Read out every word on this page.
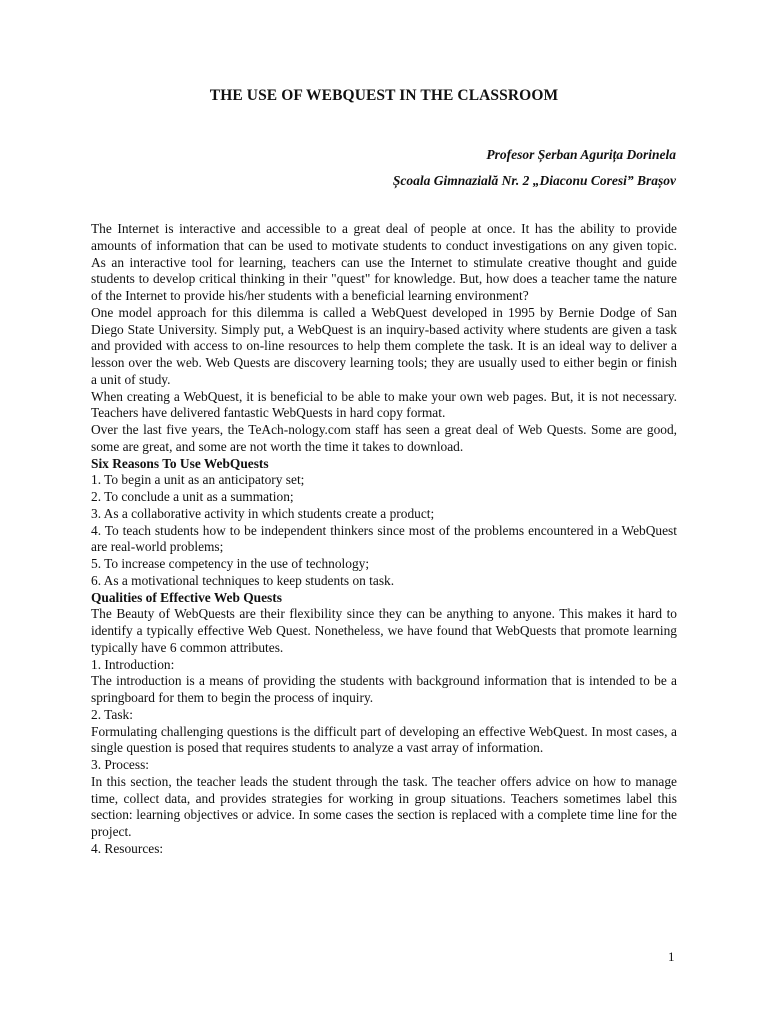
THE USE OF WEBQUEST IN THE CLASSROOM
Profesor Șerban Agurița Dorinela
Școala Gimnazială Nr. 2 „Diaconu Coresi” Brașov

The Internet is interactive and accessible to a great deal of people at once. It has the ability to provide amounts of information that can be used to motivate students to conduct investigations on any given topic. As an interactive tool for learning, teachers can use the Internet to stimulate creative thought and guide students to develop critical thinking in their "quest" for knowledge. But, how does a teacher tame the nature of the Internet to provide his/her students with a beneficial learning environment?

One model approach for this dilemma is called a WebQuest developed in 1995 by Bernie Dodge of San Diego State University. Simply put, a WebQuest is an inquiry-based activity where students are given a task and provided with access to on-line resources to help them complete the task. It is an ideal way to deliver a lesson over the web. Web Quests are discovery learning tools; they are usually used to either begin or finish a unit of study.

When creating a WebQuest, it is beneficial to be able to make your own web pages. But, it is not necessary. Teachers have delivered fantastic WebQuests in hard copy format.

Over the last five years, the TeAch-nology.com staff has seen a great deal of Web Quests. Some are good, some are great, and some are not worth the time it takes to download.

Six Reasons To Use WebQuests

1. To begin a unit as an anticipatory set;

2. To conclude a unit as a summation;

3. As a collaborative activity in which students create a product;

4. To teach students how to be independent thinkers since most of the problems encountered in a WebQuest are real-world problems;

5. To increase competency in the use of technology;

6. As a motivational techniques to keep students on task.

Qualities of Effective Web Quests

The Beauty of WebQuests are their flexibility since they can be anything to anyone. This makes it hard to identify a typically effective Web Quest. Nonetheless, we have found that WebQuests that promote learning typically have 6 common attributes.

1. Introduction:

The introduction is a means of providing the students with background information that is intended to be a springboard for them to begin the process of inquiry.

2. Task:

Formulating challenging questions is the difficult part of developing an effective WebQuest. In most cases, a single question is posed that requires students to analyze a vast array of information.

3. Process:

In this section, the teacher leads the student through the task. The teacher offers advice on how to manage time, collect data, and provides strategies for working in group situations. Teachers sometimes label this section: learning objectives or advice. In some cases the section is replaced with a complete time line for the project.

4. Resources:

1
